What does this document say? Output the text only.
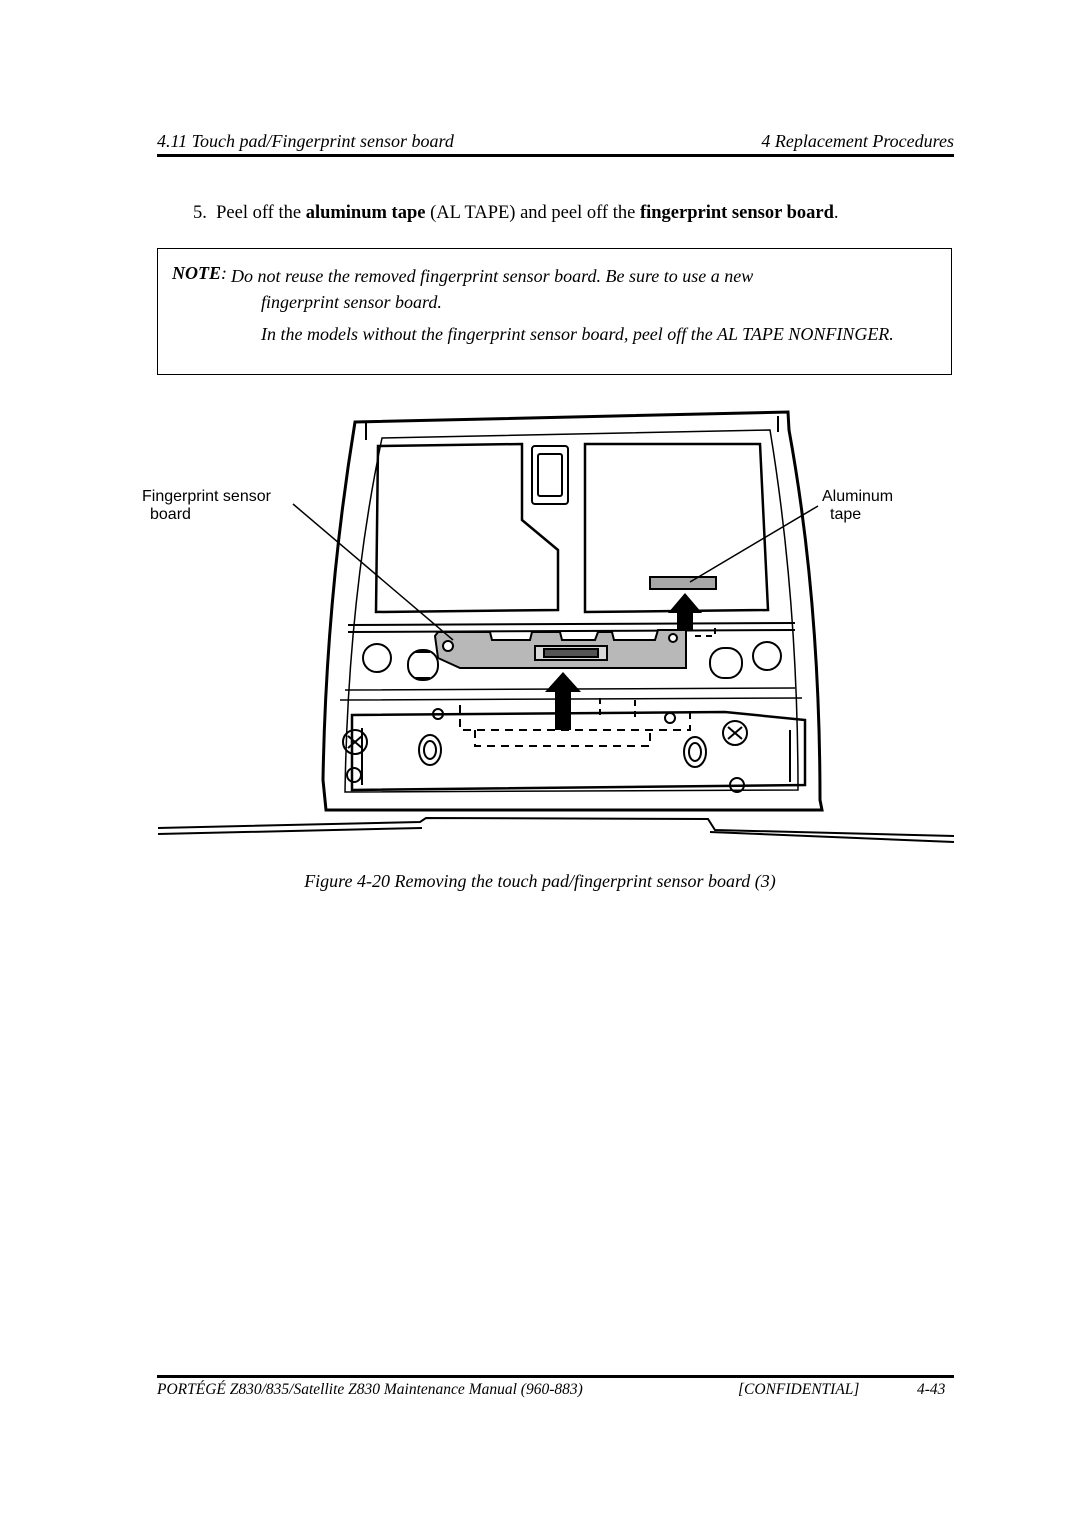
4.11 Touch pad/Fingerprint sensor board	4 Replacement Procedures
5. Peel off the aluminum tape (AL TAPE) and peel off the fingerprint sensor board.
NOTE: Do not reuse the removed fingerprint sensor board. Be sure to use a new
fingerprint sensor board.
In the models without the fingerprint sensor board, peel off the AL TAPE NONFINGER.
Fingerprint sensor
board
Aluminum
tape
Figure 4-20 Removing the touch pad/fingerprint sensor board (3)
PORTÉGÉ Z830/835/Satellite Z830 Maintenance Manual (960-883)	[CONFIDENTIAL]	4-43
